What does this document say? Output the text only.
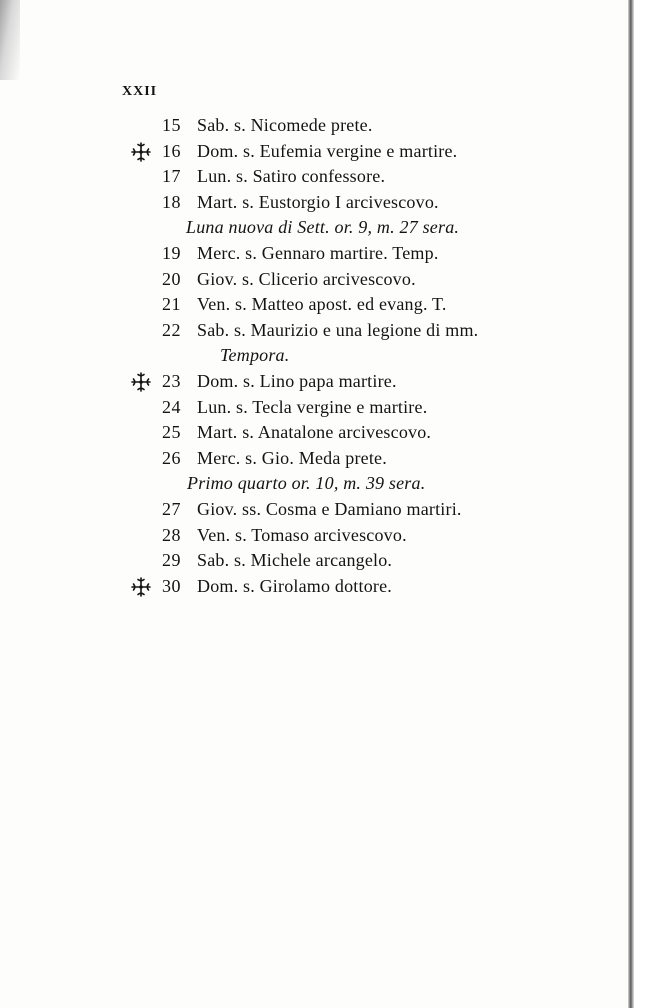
XXII
15 Sab. s. Nicomede prete.
16 Dom. s. Eufemia vergine e martire.
17 Lun. s. Satiro confessore.
18 Mart. s. Eustorgio I arcivescovo.
Luna nuova di Sett. or. 9, m. 27 sera.
19 Merc. s. Gennaro martire. Temp.
20 Giov. s. Clicerio arcivescovo.
21 Ven. s. Matteo apost. ed evang. T.
22 Sab. s. Maurizio e una legione di mm.
Tempora.
23 Dom. s. Lino papa martire.
24 Lun. s. Tecla vergine e martire.
25 Mart. s. Anatalone arcivescovo.
26 Merc. s. Gio. Meda prete.
Primo quarto or. 10, m. 39 sera.
27 Giov. ss. Cosma e Damiano martiri.
28 Ven. s. Tomaso arcivescovo.
29 Sab. s. Michele arcangelo.
30 Dom. s. Girolamo dottore.
